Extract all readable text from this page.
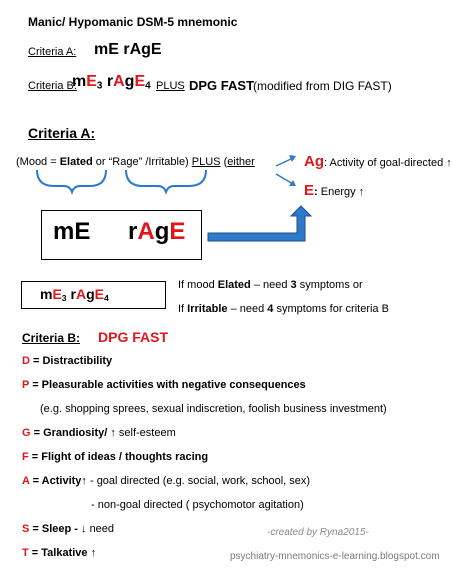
Manic/ Hypomanic DSM-5 mnemonic
Criteria A: mE rAgE
Criteria B:
$mE_3$ rAgE$_4$ PLUS DPG FAST
(modified from DIG FAST)
Criteria A:
(Mood = Elated or “Rage” /Irritable) PLUS (either	Ag: Activity of goal-directed ↑
E: Energy ↑
mE rAgE
$mE_3$ rAgE$_4$
If mood Elated – need 3 symptoms or
If Irritable – need 4 symptoms for criteria B
Criteria B: DPG FAST
D = Distractibility
P = Pleasurable activities with negative consequences
(e.g. shopping sprees, sexual indiscretion, foolish business investment)
G = Grandiosity/ ↑ self-esteem
F = Flight of ideas / thoughts racing
A = Activity↑ - goal directed (e.g. social, work, school, sex)
- non-goal directed ( psychomotor agitation)
S = Sleep - ↓ need
T = Talkative ↑
-created by Ryna2015-
psychiatry-mnemonics-e-learning.blogspot.com
